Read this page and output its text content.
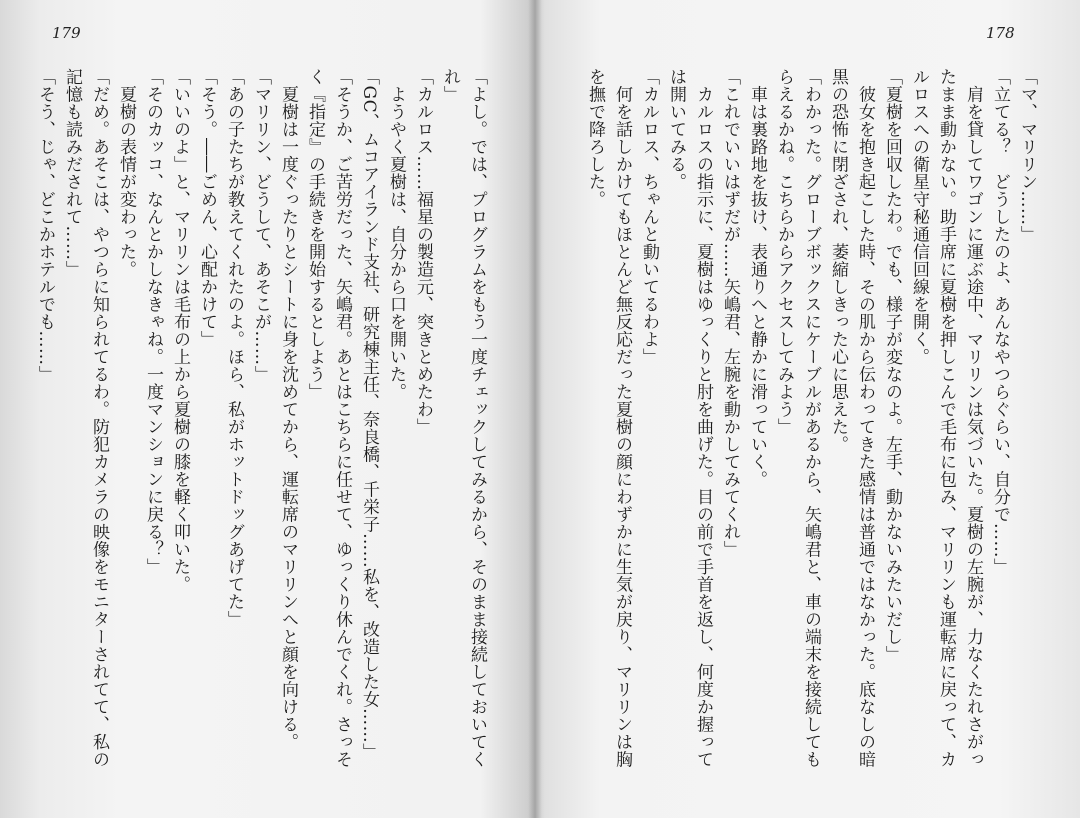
179
「よし。では、プログラムをもう一度チェックしてみるから、そのまま接続しておいてく
れ」
「カルロス……福星の製造元、突きとめたわ」
　ようやく夏樹は、自分から口を開いた。
「GC、ムコアイランド支社、研究棟主任、奈良橋、千栄子……私を、改造した女……」
「そうか、ご苦労だった、矢嶋君。あとはこちらに任せて、ゆっくり休んでくれ。さっそ
く『指定』の手続きを開始するとしよう」
　夏樹は一度ぐったりとシートに身を沈めてから、運転席のマリリンへと顔を向ける。
「マリリン、どうして、あそこが……」
「あの子たちが教えてくれたのよ。ほら、私がホットドッグあげてた」
「そう。――ごめん、心配かけて」
「いいのよ」と、マリリンは毛布の上から夏樹の膝を軽く叩いた。
「そのカッコ、なんとかしなきゃね。一度マンションに戻る？」
　夏樹の表情が変わった。
「だめ。あそこは、やつらに知られてるわ。防犯カメラの映像をモニターされてて、私の
記憶も読みだされて……」
「そう、じゃ、どこかホテルでも……」
178
「マ、マリリン……」
「立てる？　どうしたのよ、あんなやつらぐらい、自分で……」
　肩を貸してワゴンに運ぶ途中、マリリンは気づいた。夏樹の左腕が、力なくたれさがっ
たまま動かない。助手席に夏樹を押しこんで毛布に包み、マリリンも運転席に戻って、カ
ルロスへの衛星守秘通信回線を開く。
「夏樹を回収したわ。でも、様子が変なのよ。左手、動かないみたいだし」
　彼女を抱き起こした時、その肌から伝わってきた感情は普通ではなかった。底なしの暗
黒の恐怖に閉ざされ、萎縮しきった心に思えた。
「わかった。グローブボックスにケーブルがあるから、矢嶋君と、車の端末を接続しても
らえるかね。こちらからアクセスしてみよう」
　車は裏路地を抜け、表通りへと静かに滑っていく。
「これでいいはずだが……矢嶋君、左腕を動かしてみてくれ」
　カルロスの指示に、夏樹はゆっくりと肘を曲げた。目の前で手首を返し、何度か握って
は開いてみる。
「カルロス、ちゃんと動いてるわよ」
　何を話しかけてもほとんど無反応だった夏樹の顔にわずかに生気が戻り、マリリンは胸
を撫で降ろした。
